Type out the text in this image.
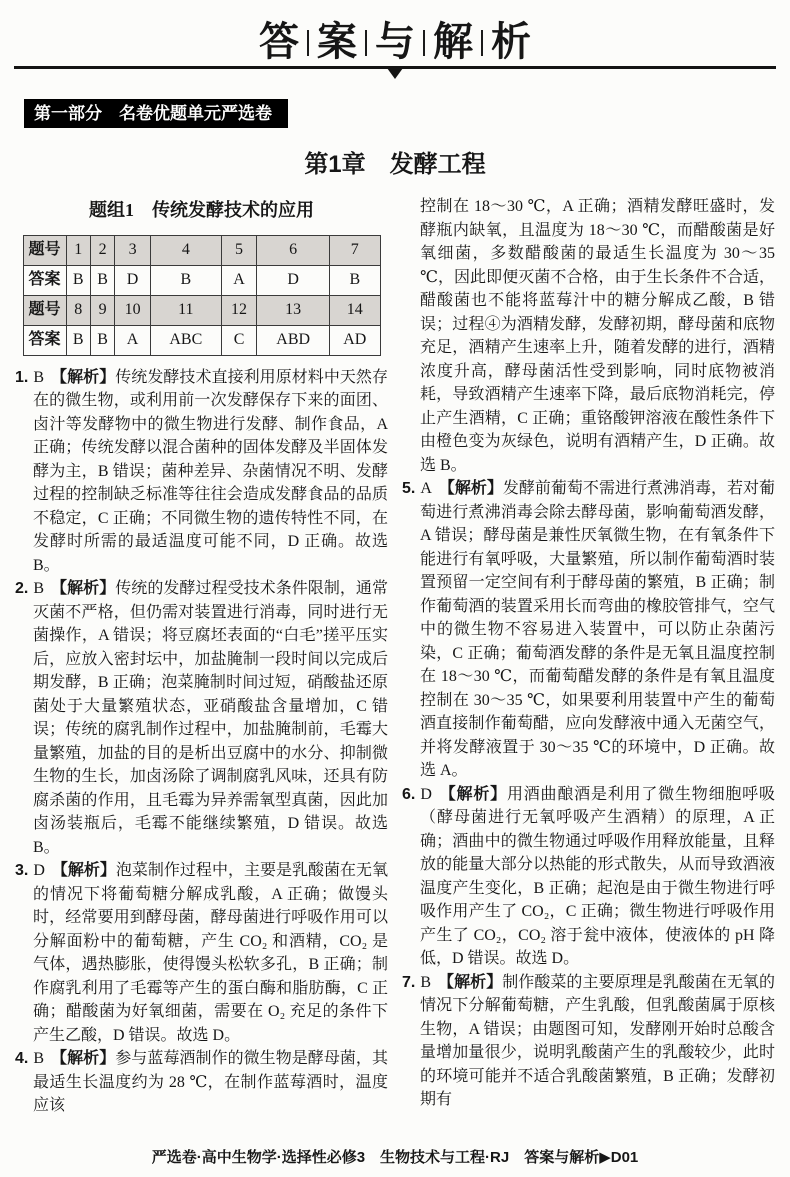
答 案 与 解 析
第一部分　名卷优题单元严选卷
第1章　发酵工程
题组1　传统发酵技术的应用
题号	1	2	3	4	5	6	7
答案	B	B	D	B	A	D	B
题号	8	9	10	11	12	13	14
答案	B	B	A	ABC	C	ABD	AD

1. B 【解析】传统发酵技术直接利用原材料中天然存在的微生物，或利用前一次发酵保存下来的面团、卤汁等发酵物中的微生物进行发酵、制作食品，A 正确；传统发酵以混合菌种的固体发酵及半固体发酵为主，B 错误；菌种差异、杂菌情况不明、发酵过程的控制缺乏标准等往往会造成发酵食品的品质不稳定，C 正确；不同微生物的遗传特性不同，在发酵时所需的最适温度可能不同，D 正确。故选 B。

2. B 【解析】传统的发酵过程受技术条件限制，通常灭菌不严格，但仍需对装置进行消毒，同时进行无菌操作，A 错误；将豆腐坯表面的“白毛”搓平压实后，应放入密封坛中，加盐腌制一段时间以完成后期发酵，B 正确；泡菜腌制时间过短，硝酸盐还原菌处于大量繁殖状态，亚硝酸盐含量增加，C 错误；传统的腐乳制作过程中，加盐腌制前，毛霉大量繁殖，加盐的目的是析出豆腐中的水分、抑制微生物的生长，加卤汤除了调制腐乳风味，还具有防腐杀菌的作用，且毛霉为异养需氧型真菌，因此加卤汤装瓶后，毛霉不能继续繁殖，D 错误。故选 B。

3. D 【解析】泡菜制作过程中，主要是乳酸菌在无氧的情况下将葡萄糖分解成乳酸，A 正确；做馒头时，经常要用到酵母菌，酵母菌进行呼吸作用可以分解面粉中的葡萄糖，产生 CO₂ 和酒精，CO₂ 是气体，遇热膨胀，使得馒头松软多孔，B 正确；制作腐乳利用了毛霉等产生的蛋白酶和脂肪酶，C 正确；醋酸菌为好氧细菌，需要在 O₂ 充足的条件下产生乙酸，D 错误。故选 D。

4. B 【解析】参与蓝莓酒制作的微生物是酵母菌，其最适生长温度约为 28 ℃，在制作蓝莓酒时，温度应该

控制在 18～30 ℃，A 正确；酒精发酵旺盛时，发酵瓶内缺氧，且温度为 18～30 ℃，而醋酸菌是好氧细菌，多数醋酸菌的最适生长温度为 30～35 ℃，因此即便灭菌不合格，由于生长条件不合适，醋酸菌也不能将蓝莓汁中的糖分解成乙酸，B 错误；过程④为酒精发酵，发酵初期，酵母菌和底物充足，酒精产生速率上升，随着发酵的进行，酒精浓度升高，酵母菌活性受到影响，同时底物被消耗，导致酒精产生速率下降，最后底物消耗完，停止产生酒精，C 正确；重铬酸钾溶液在酸性条件下由橙色变为灰绿色，说明有酒精产生，D 正确。故选 B。

5. A 【解析】发酵前葡萄不需进行煮沸消毒，若对葡萄进行煮沸消毒会除去酵母菌，影响葡萄酒发酵，A 错误；酵母菌是兼性厌氧微生物，在有氧条件下能进行有氧呼吸，大量繁殖，所以制作葡萄酒时装置预留一定空间有利于酵母菌的繁殖，B 正确；制作葡萄酒的装置采用长而弯曲的橡胶管排气，空气中的微生物不容易进入装置中，可以防止杂菌污染，C 正确；葡萄酒发酵的条件是无氧且温度控制在 18～30 ℃，而葡萄醋发酵的条件是有氧且温度控制在 30～35 ℃，如果要利用装置中产生的葡萄酒直接制作葡萄醋，应向发酵液中通入无菌空气，并将发酵液置于 30～35 ℃的环境中，D 正确。故选 A。

6. D 【解析】用酒曲酿酒是利用了微生物细胞呼吸（酵母菌进行无氧呼吸产生酒精）的原理，A 正确；酒曲中的微生物通过呼吸作用释放能量，且释放的能量大部分以热能的形式散失，从而导致酒液温度产生变化，B 正确；起泡是由于微生物进行呼吸作用产生了 CO₂，C 正确；微生物进行呼吸作用产生了 CO₂，CO₂ 溶于瓮中液体，使液体的 pH 降低，D 错误。故选 D。

7. B 【解析】制作酸菜的主要原理是乳酸菌在无氧的情况下分解葡萄糖，产生乳酸，但乳酸菌属于原核生物，A 错误；由题图可知，发酵刚开始时总酸含量增加量很少，说明乳酸菌产生的乳酸较少，此时的环境可能并不适合乳酸菌繁殖，B 正确；发酵初期有

严选卷·高中生物学·选择性必修3　生物技术与工程·RJ　答案与解析▶D01
